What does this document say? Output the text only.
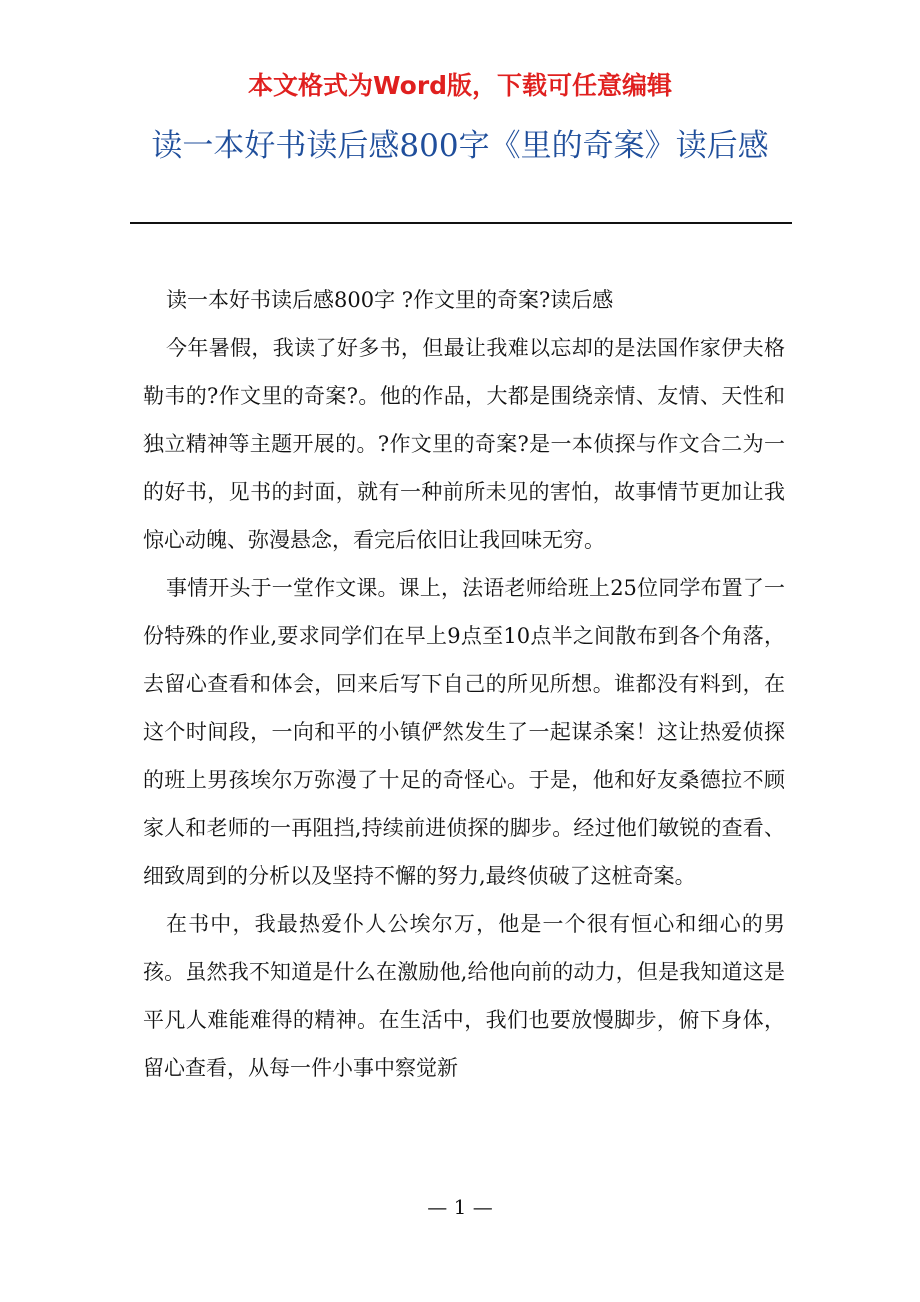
本文格式为Word版，下载可任意编辑
读一本好书读后感800字《里的奇案》读后感

读一本好书读后感800字 ?作文里的奇案?读后感

今年暑假，我读了好多书，但最让我难以忘却的是法国作家伊夫格勒韦的?作文里的奇案?。他的作品，大都是围绕亲情、友情、天性和独立精神等主题开展的。?作文里的奇案?是一本侦探与作文合二为一的好书，见书的封面，就有一种前所未见的害怕，故事情节更加让我惊心动魄、弥漫悬念，看完后依旧让我回味无穷。

事情开头于一堂作文课。课上，法语老师给班上25位同学布置了一份特殊的作业,要求同学们在早上9点至10点半之间散布到各个角落，去留心查看和体会，回来后写下自己的所见所想。谁都没有料到，在这个时间段，一向和平的小镇俨然发生了一起谋杀案！这让热爱侦探的班上男孩埃尔万弥漫了十足的奇怪心。于是，他和好友桑德拉不顾家人和老师的一再阻挡,持续前进侦探的脚步。经过他们敏锐的查看、细致周到的分析以及坚持不懈的努力,最终侦破了这桩奇案。

在书中，我最热爱仆人公埃尔万，他是一个很有恒心和细心的男孩。虽然我不知道是什么在激励他,给他向前的动力，但是我知道这是平凡人难能难得的精神。在生活中，我们也要放慢脚步，俯下身体，留心查看，从每一件小事中察觉新

— 1 —
